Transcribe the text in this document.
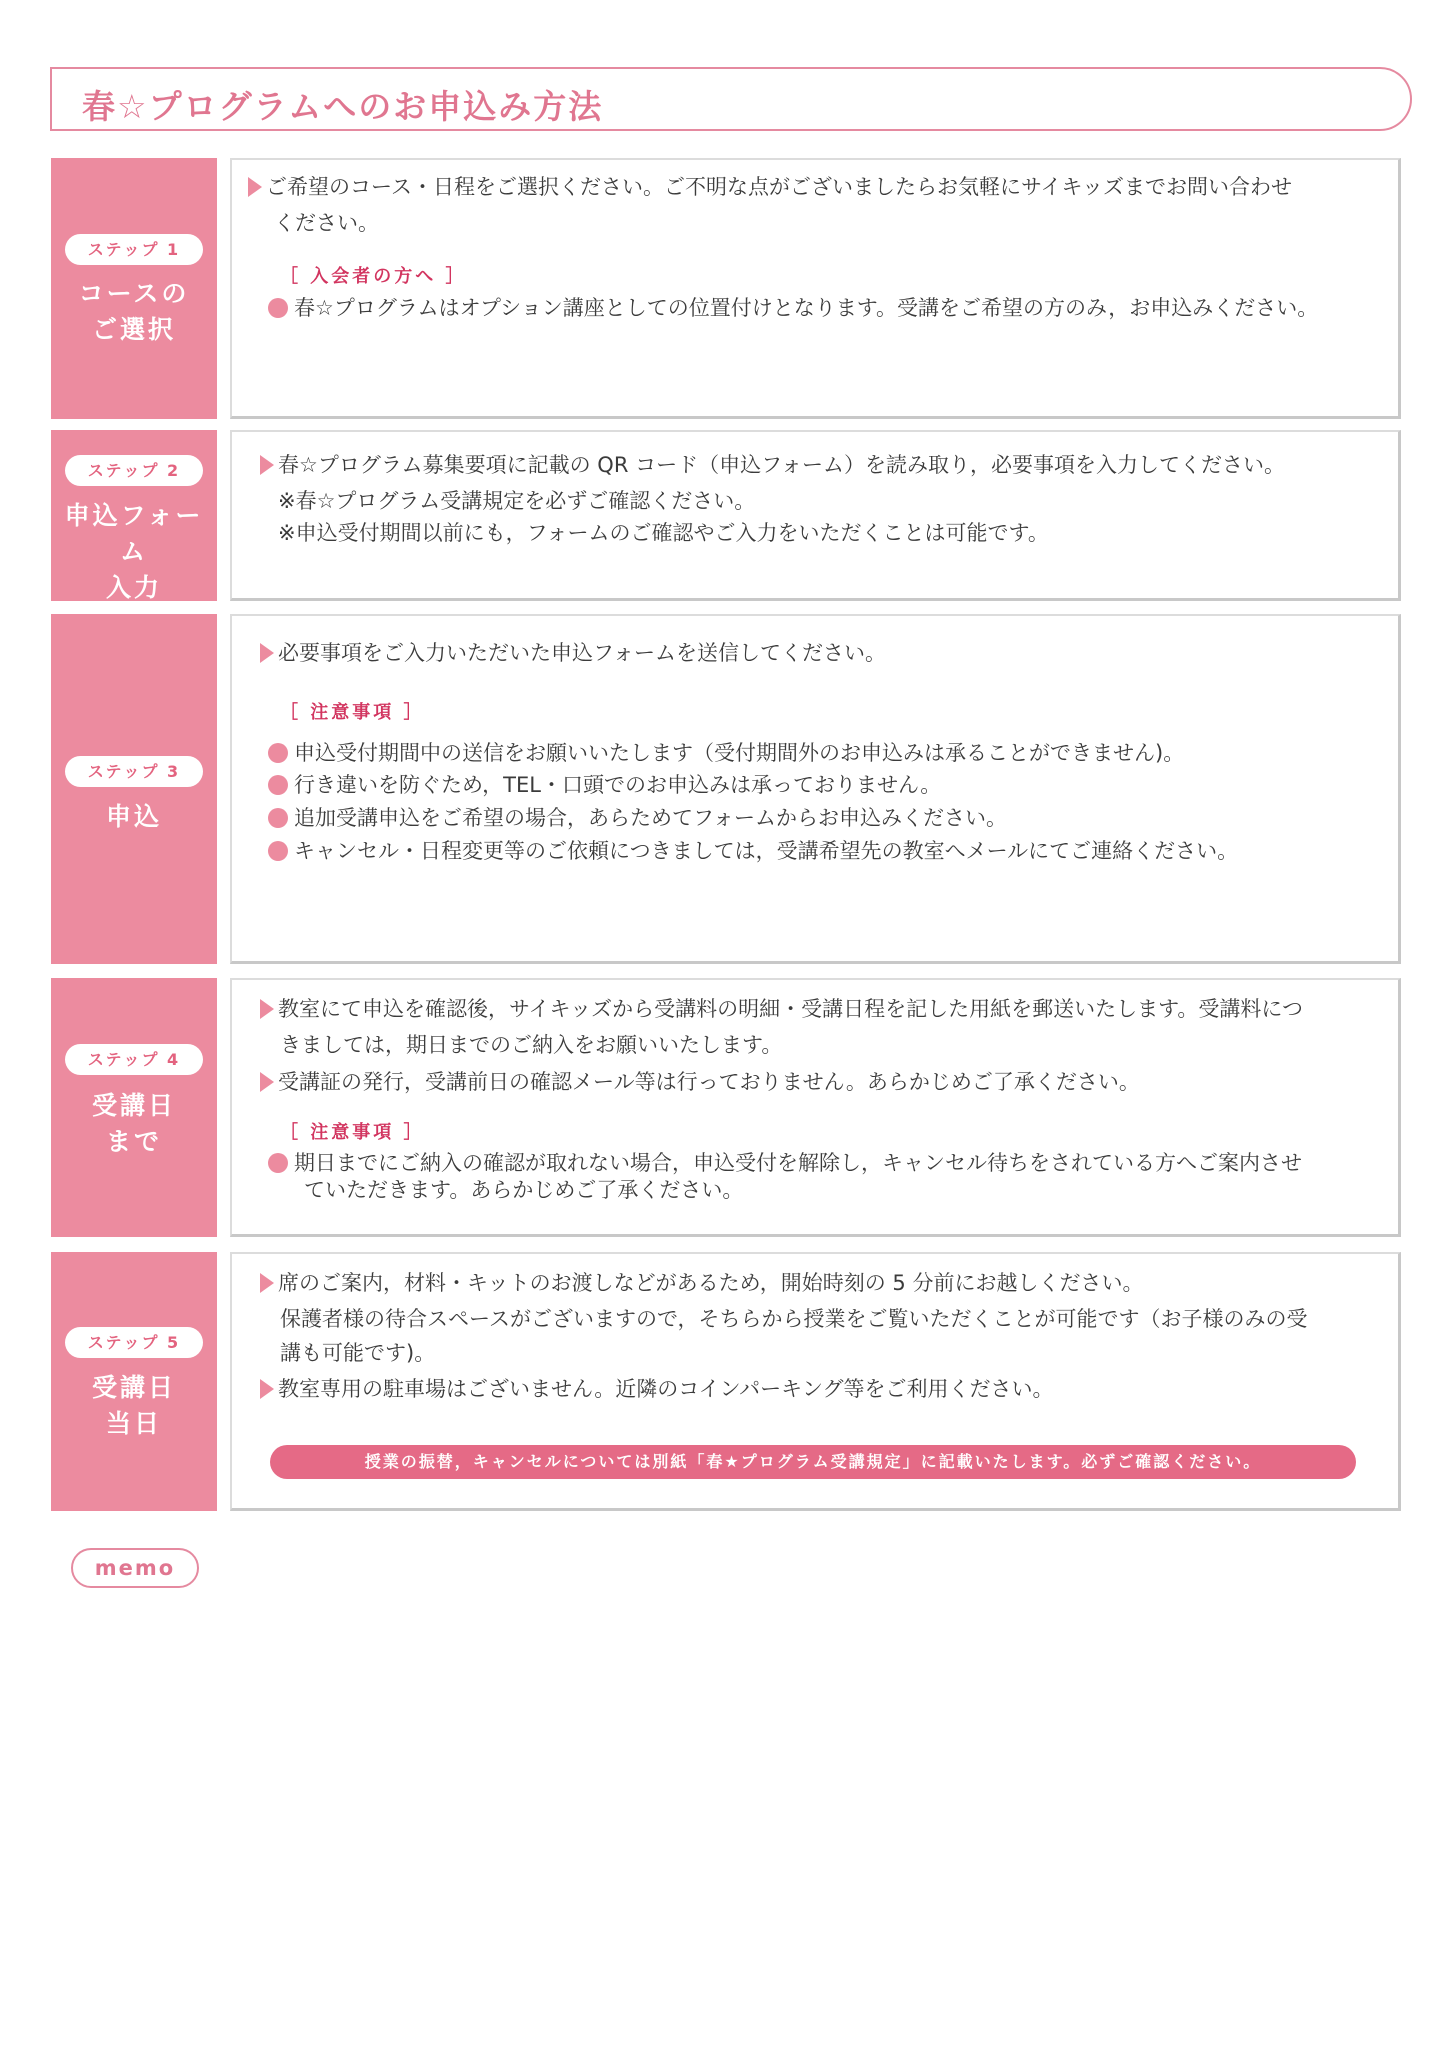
春☆プログラムへのお申込み方法
ステップ 1
コースの
ご選択
ご希望のコース・日程をご選択ください。ご不明な点がございましたらお気軽にサイキッズまでお問い合わせ
ください。
［ 入会者の方へ ］
春☆プログラムはオプション講座としての位置付けとなります。受講をご希望の方のみ，お申込みください。
ステップ 2
申込フォーム
入力
春☆プログラム募集要項に記載の QR コード（申込フォーム）を読み取り，必要事項を入力してください。
※春☆プログラム受講規定を必ずご確認ください。
※申込受付期間以前にも，フォームのご確認やご入力をいただくことは可能です。
ステップ 3
申込
必要事項をご入力いただいた申込フォームを送信してください。
［ 注意事項 ］
申込受付期間中の送信をお願いいたします（受付期間外のお申込みは承ることができません)。
行き違いを防ぐため，TEL・口頭でのお申込みは承っておりません。
追加受講申込をご希望の場合，あらためてフォームからお申込みください。
キャンセル・日程変更等のご依頼につきましては，受講希望先の教室へメールにてご連絡ください。
ステップ 4
受講日
まで
教室にて申込を確認後，サイキッズから受講料の明細・受講日程を記した用紙を郵送いたします。受講料につ
きましては，期日までのご納入をお願いいたします。
受講証の発行，受講前日の確認メール等は行っておりません。あらかじめご了承ください。
［ 注意事項 ］
期日までにご納入の確認が取れない場合，申込受付を解除し，キャンセル待ちをされている方へご案内させ
ていただきます。あらかじめご了承ください。
ステップ 5
受講日
当日
席のご案内，材料・キットのお渡しなどがあるため，開始時刻の 5 分前にお越しください。
保護者様の待合スペースがございますので，そちらから授業をご覧いただくことが可能です（お子様のみの受
講も可能です)。
教室専用の駐車場はございません。近隣のコインパーキング等をご利用ください。
授業の振替，キャンセルについては別紙「春★プログラム受講規定」に記載いたします。必ずご確認ください。
memo
